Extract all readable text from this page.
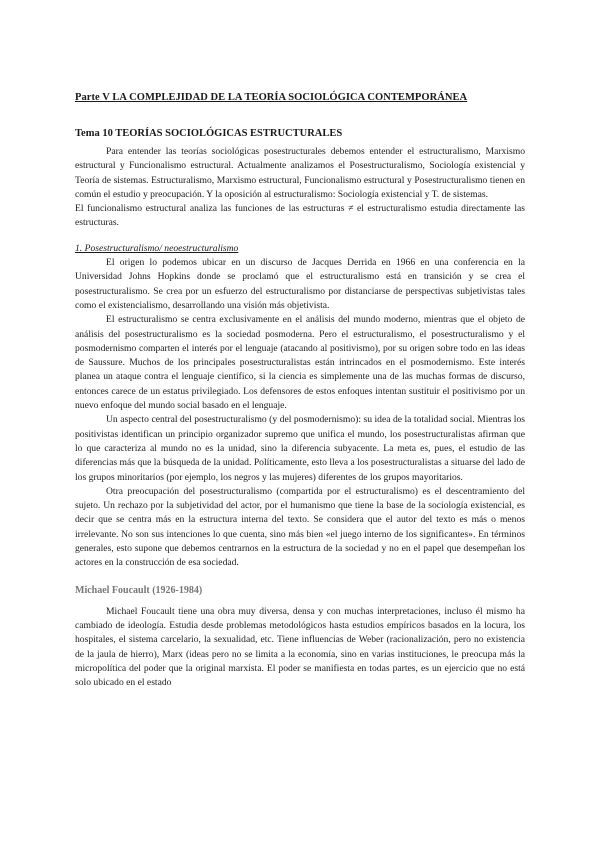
Parte V LA COMPLEJIDAD DE LA TEORÍA SOCIOLÓGICA CONTEMPORÁNEA
Tema 10 TEORÍAS SOCIOLÓGICAS ESTRUCTURALES

Para entender las teorías sociológicas posestructurales debemos entender el estructuralismo, Marxismo estructural y Funcionalismo estructural. Actualmente analizamos el Posestructuralismo, Sociología existencial y Teoría de sistemas. Estructuralismo, Marxismo estructural, Funcionalismo estructural y Posestructuralismo tienen en común el estudio y preocupación. Y la oposición al estructuralismo: Sociología existencial y T. de sistemas.

El funcionalismo estructural analiza las funciones de las estructuras ≠ el estructuralismo estudia directamente las estructuras.

1. Posestructuralismo/ neoestructuralismo

El origen lo podemos ubicar en un discurso de Jacques Derrida en 1966 en una conferencia en la Universidad Johns Hopkins donde se proclamó que el estructuralismo está en transición y se crea el posestructuralismo. Se crea por un esfuerzo del estructuralismo por distanciarse de perspectivas subjetivistas tales como el existencialismo, desarrollando una visión más objetivista.

El estructuralismo se centra exclusivamente en el análisis del mundo moderno, mientras que el objeto de análisis del posestructuralismo es la sociedad posmoderna. Pero el estructuralismo, el posestructuralismo y el posmodernismo comparten el interés por el lenguaje (atacando al positivismo), por su origen sobre todo en las ideas de Saussure. Muchos de los principales posestructuralistas están intrincados en el posmodernismo. Este interés planea un ataque contra el lenguaje científico, si la ciencia es simplemente una de las muchas formas de discurso, entonces carece de un estatus privilegiado. Los defensores de estos enfoques intentan sustituir el positivismo por un nuevo enfoque del mundo social basado en el lenguaje.

Un aspecto central del posestructuralismo (y del posmodernismo): su idea de la totalidad social. Mientras los positivistas identifican un principio organizador supremo que unifica el mundo, los posestructuralistas afirman que lo que caracteriza al mundo no es la unidad, sino la diferencia subyacente. La meta es, pues, el estudio de las diferencias más que la búsqueda de la unidad. Políticamente, esto lleva a los posestructuralistas a situarse del lado de los grupos minoritarios (por ejemplo, los negros y las mujeres) diferentes de los grupos mayoritarios.

Otra preocupación del posestructuralismo (compartida por el estructuralismo) es el descentramiento del sujeto. Un rechazo por la subjetividad del actor, por el humanismo que tiene la base de la sociología existencial, es decir que se centra más en la estructura interna del texto. Se considera que el autor del texto es más o menos irrelevante. No son sus intenciones lo que cuenta, sino más bien «el juego interno de los significantes». En términos generales, esto supone que debemos centrarnos en la estructura de la sociedad y no en el papel que desempeñan los actores en la construcción de esa sociedad.

Michael Foucault (1926-1984)

Michael Foucault tiene una obra muy diversa, densa y con muchas interpretaciones, incluso él mismo ha cambiado de ideología. Estudia desde problemas metodológicos hasta estudios empíricos basados en la locura, los hospitales, el sistema carcelario, la sexualidad, etc. Tiene influencias de Weber (racionalización, pero no existencia de la jaula de hierro), Marx (ideas pero no se limita a la economía, sino en varias instituciones, le preocupa más la micropolítica del poder que la original marxista. El poder se manifiesta en todas partes, es un ejercicio que no está solo ubicado en el estado
